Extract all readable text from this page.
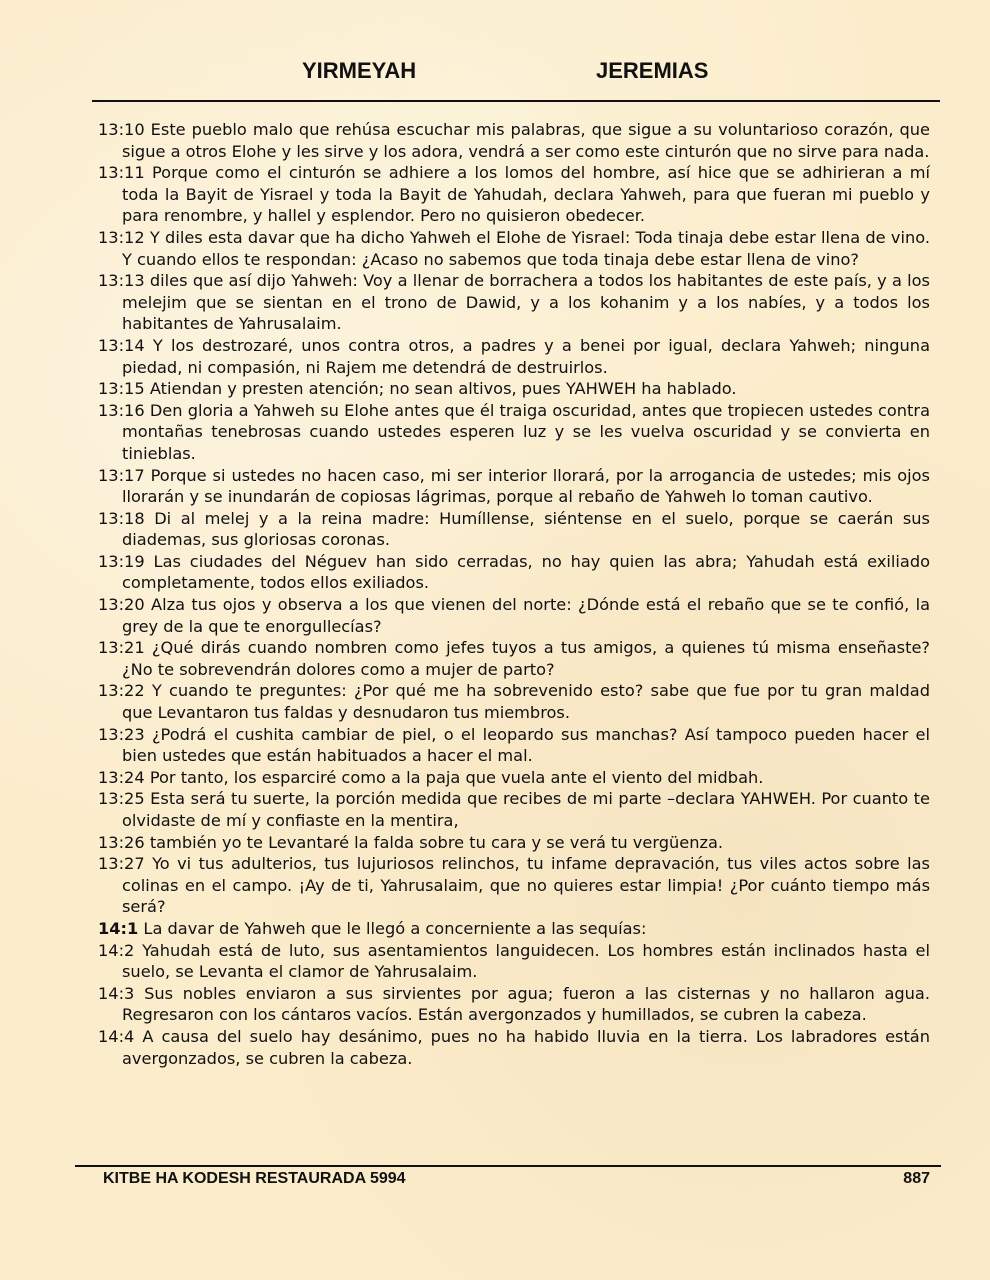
YIRMEYAH	JEREMIAS

13:10 Este pueblo malo que rehúsa escuchar mis palabras, que sigue a su voluntarioso corazón, que sigue a otros Elohe y les sirve y los adora, vendrá a ser como este cinturón que no sirve para nada.

13:11 Porque como el cinturón se adhiere a los lomos del hombre, así hice que se adhirieran a mí toda la Bayit de Yisrael y toda la Bayit de Yahudah, declara Yahweh, para que fueran mi pueblo y para renombre, y hallel y esplendor. Pero no quisieron obedecer.

13:12 Y diles esta davar que ha dicho Yahweh el Elohe de Yisrael: Toda tinaja debe estar llena de vino. Y cuando ellos te respondan: ¿Acaso no sabemos que toda tinaja debe estar llena de vino?

13:13 diles que así dijo Yahweh: Voy a llenar de borrachera a todos los habitantes de este país, y a los melejim que se sientan en el trono de Dawid, y a los kohanim y a los nabíes, y a todos los habitantes de Yahrusalaim.

13:14 Y los destrozaré, unos contra otros, a padres y a benei por igual, declara Yahweh; ninguna piedad, ni compasión, ni Rajem me detendrá de destruirlos.

13:15 Atiendan y presten atención; no sean altivos, pues YAHWEH ha hablado.

13:16 Den gloria a Yahweh su Elohe antes que él traiga oscuridad, antes que tropiecen ustedes contra montañas tenebrosas cuando ustedes esperen luz y se les vuelva oscuridad y se convierta en tinieblas.

13:17 Porque si ustedes no hacen caso, mi ser interior llorará, por la arrogancia de ustedes; mis ojos llorarán y se inundarán de copiosas lágrimas, porque al rebaño de Yahweh lo toman cautivo.

13:18 Di al melej y a la reina madre: Humíllense, siéntense en el suelo, porque se caerán sus diademas, sus gloriosas coronas.

13:19 Las ciudades del Néguev han sido cerradas, no hay quien las abra; Yahudah está exiliado completamente, todos ellos exiliados.

13:20 Alza tus ojos y observa a los que vienen del norte: ¿Dónde está el rebaño que se te confió, la grey de la que te enorgullecías?

13:21 ¿Qué dirás cuando nombren como jefes tuyos a tus amigos, a quienes tú misma enseñaste? ¿No te sobrevendrán dolores como a mujer de parto?

13:22 Y cuando te preguntes: ¿Por qué me ha sobrevenido esto? sabe que fue por tu gran maldad que Levantaron tus faldas y desnudaron tus miembros.

13:23 ¿Podrá el cushita cambiar de piel, o el leopardo sus manchas? Así tampoco pueden hacer el bien ustedes que están habituados a hacer el mal.

13:24 Por tanto, los esparciré como a la paja que vuela ante el viento del midbah.

13:25 Esta será tu suerte, la porción medida que recibes de mi parte –declara YAHWEH. Por cuanto te olvidaste de mí y confiaste en la mentira,

13:26 también yo te Levantaré la falda sobre tu cara y se verá tu vergüenza.

13:27 Yo vi tus adulterios, tus lujuriosos relinchos, tu infame depravación, tus viles actos sobre las colinas en el campo. ¡Ay de ti, Yahrusalaim, que no quieres estar limpia! ¿Por cuánto tiempo más será?

14:1 La davar de Yahweh que le llegó a concerniente a las sequías:

14:2 Yahudah está de luto, sus asentamientos languidecen. Los hombres están inclinados hasta el suelo, se Levanta el clamor de Yahrusalaim.

14:3 Sus nobles enviaron a sus sirvientes por agua; fueron a las cisternas y no hallaron agua. Regresaron con los cántaros vacíos. Están avergonzados y humillados, se cubren la cabeza.

14:4 A causa del suelo hay desánimo, pues no ha habido lluvia en la tierra. Los labradores están avergonzados, se cubren la cabeza.

KITBE HA KODESH RESTAURADA 5994	887
